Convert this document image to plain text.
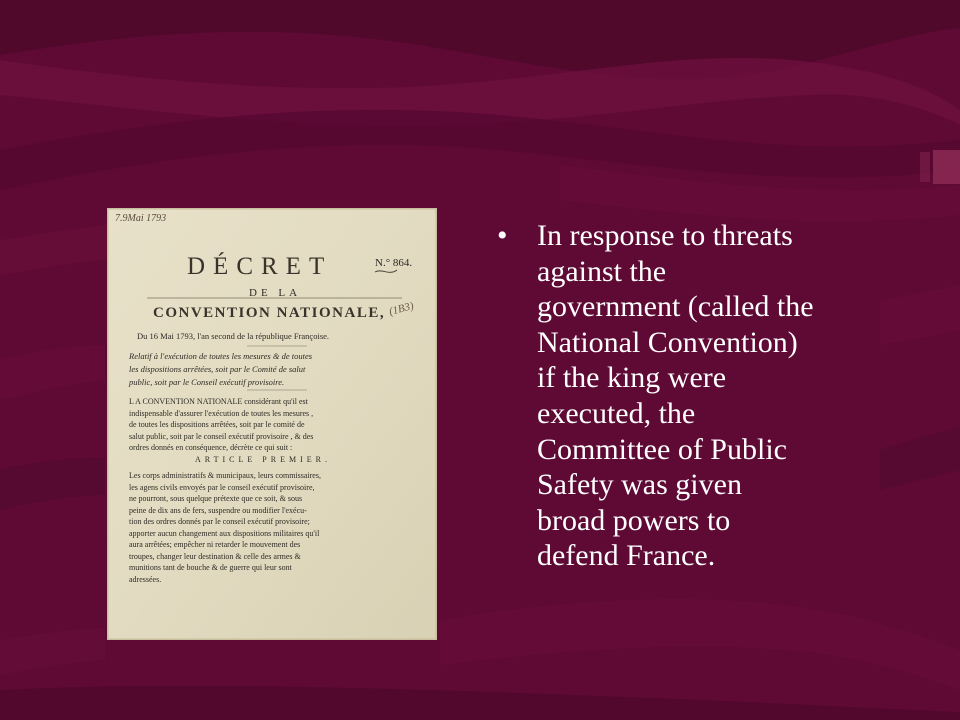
7.9Mai 1793
DÉCRET	N.° 864.
DE LA
CONVENTION NATIONALE, (1B3)
Du 16 Mai 1793, l'an second de la république Françoise.
Relatif à l'exécution de toutes les mesures & de toutes
les dispositions arrêtées, soit par le Comité de salut
public, soit par le Conseil exécutif provisoire.
L A CONVENTION NATIONALE considérant qu'il est
indispensable d'assurer l'exécution de toutes les mesures ,
de toutes les dispositions arrêtées, soit par le comité de
salut public, soit par le conseil exécutif provisoire , & des
ordres donnés en conséquence, décrète ce qui suit :
ARTICLE PREMIER.
Les corps administratifs & municipaux, leurs commissaires,
les agens civils envoyés par le conseil exécutif provisoire,
ne pourront, sous quelque prétexte que ce soit, & sous
peine de dix ans de fers, suspendre ou modifier l'exécu-
tion des ordres donnés par le conseil exécutif provisoire;
apporter aucun changement aux dispositions militaires qu'il
aura arrêtées; empêcher ni retarder le mouvement des
troupes, changer leur destination & celle des armes &
munitions tant de bouche & de guerre qui leur sont
adressées.
• In response to threats
against the
government (called the
National Convention)
if the king were
executed, the
Committee of Public
Safety was given
broad powers to
defend France.
